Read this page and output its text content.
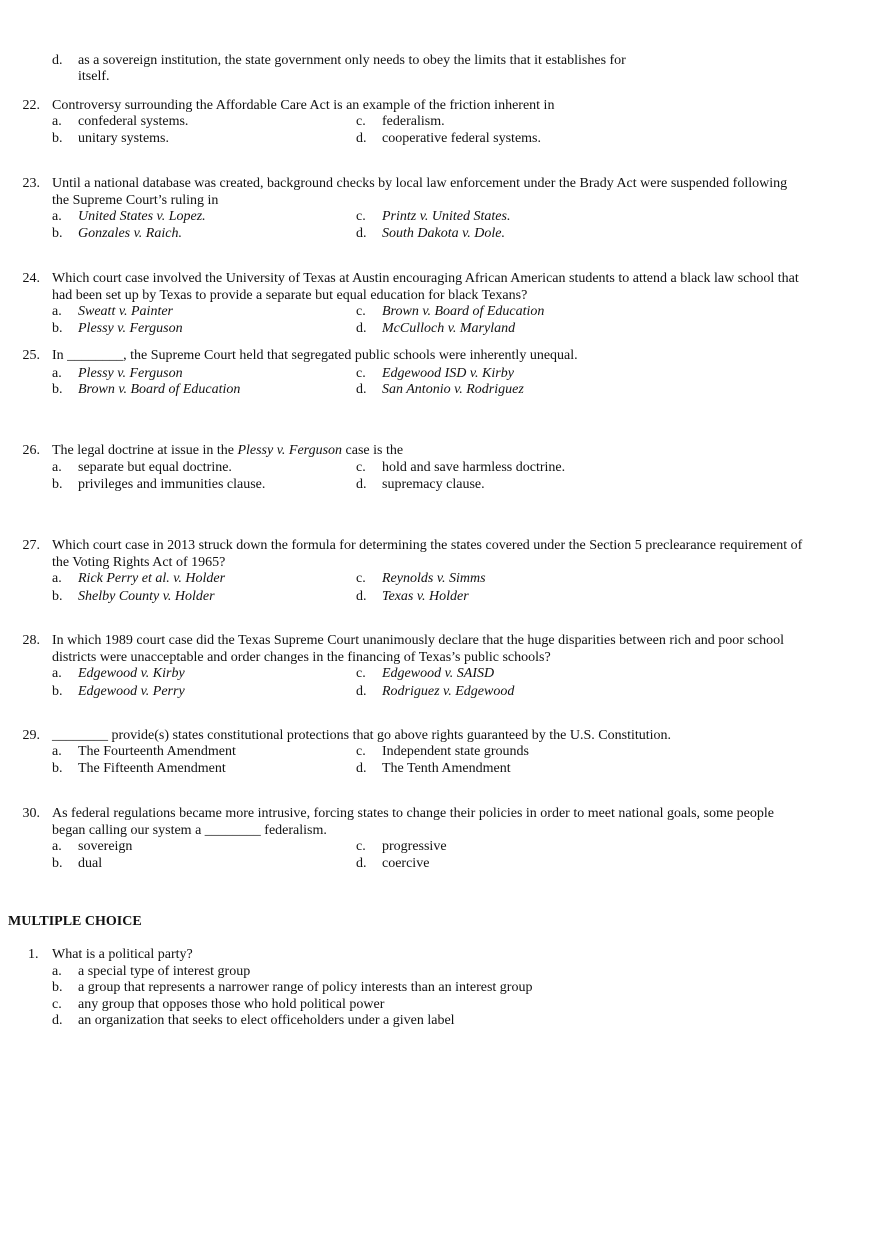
d.	as a sovereign institution, the state government only needs to obey the limits that it establishes for
itself.
22. Controversy surrounding the Affordable Care Act is an example of the friction inherent in
a. confederal systems.	c. federalism.
b. unitary systems.	d. cooperative federal systems.
23. Until a national database was created, background checks by local law enforcement under the Brady Act were suspended following
the Supreme Court’s ruling in
a. United States v. Lopez.	c. Printz v. United States.
b. Gonzales v. Raich.	d. South Dakota v. Dole.
24. Which court case involved the University of Texas at Austin encouraging African American students to attend a black law school that
had been set up by Texas to provide a separate but equal education for black Texans?
a. Sweatt v. Painter	c. Brown v. Board of Education
b. Plessy v. Ferguson	d. McCulloch v. Maryland
25. In ________, the Supreme Court held that segregated public schools were inherently unequal.
a. Plessy v. Ferguson	c. Edgewood ISD v. Kirby
b. Brown v. Board of Education	d. San Antonio v. Rodriguez
26. The legal doctrine at issue in the Plessy v. Ferguson case is the
a. separate but equal doctrine.	c. hold and save harmless doctrine.
b. privileges and immunities clause.	d. supremacy clause.
27. Which court case in 2013 struck down the formula for determining the states covered under the Section 5 preclearance requirement of
the Voting Rights Act of 1965?
a. Rick Perry et al. v. Holder	c. Reynolds v. Simms
b. Shelby County v. Holder	d. Texas v. Holder
28. In which 1989 court case did the Texas Supreme Court unanimously declare that the huge disparities between rich and poor school
districts were unacceptable and order changes in the financing of Texas’s public schools?
a. Edgewood v. Kirby	c. Edgewood v. SAISD
b. Edgewood v. Perry	d. Rodriguez v. Edgewood
29. ________ provide(s) states constitutional protections that go above rights guaranteed by the U.S. Constitution.
a. The Fourteenth Amendment	c. Independent state grounds
b. The Fifteenth Amendment	d. The Tenth Amendment
30. As federal regulations became more intrusive, forcing states to change their policies in order to meet national goals, some people
began calling our system a ________ federalism.
a. sovereign	c. progressive
b. dual	d. coercive
MULTIPLE CHOICE
1. What is a political party?
a. a special type of interest group
b. a group that represents a narrower range of policy interests than an interest group
c. any group that opposes those who hold political power
d. an organization that seeks to elect officeholders under a given label
